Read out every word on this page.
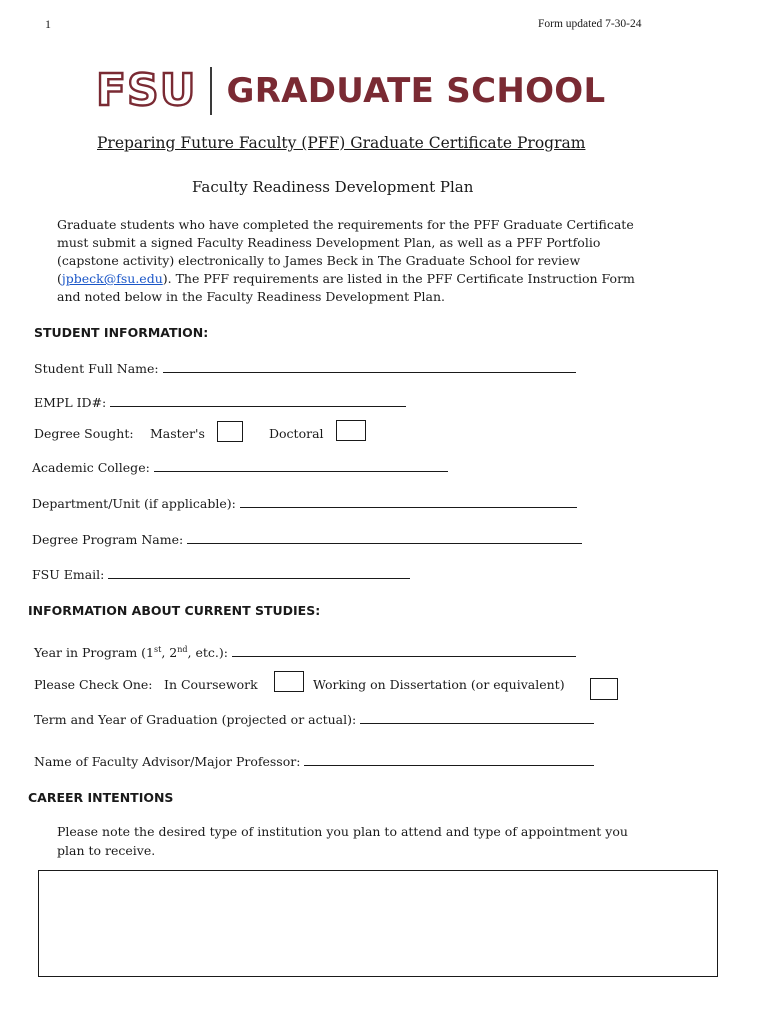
1	Form updated 7-30-24
FSU GRADUATE SCHOOL
Preparing Future Faculty (PFF) Graduate Certificate Program
Faculty Readiness Development Plan
Graduate students who have completed the requirements for the PFF Graduate Certificate must submit a signed Faculty Readiness Development Plan, as well as a PFF Portfolio (capstone activity) electronically to James Beck in The Graduate School for review (jpbeck@fsu.edu). The PFF requirements are listed in the PFF Certificate Instruction Form and noted below in the Faculty Readiness Development Plan.
STUDENT INFORMATION:
Student Full Name:
EMPL ID#:
Degree Sought: Master's	Doctoral
Academic College:
Department/Unit (if applicable):
Degree Program Name:
FSU Email:
INFORMATION ABOUT CURRENT STUDIES:
Year in Program (1st, 2nd, etc.):
Please Check One: In Coursework	Working on Dissertation (or equivalent)
Term and Year of Graduation (projected or actual):
Name of Faculty Advisor/Major Professor:
CAREER INTENTIONS
Please note the desired type of institution you plan to attend and type of appointment you plan to receive.
